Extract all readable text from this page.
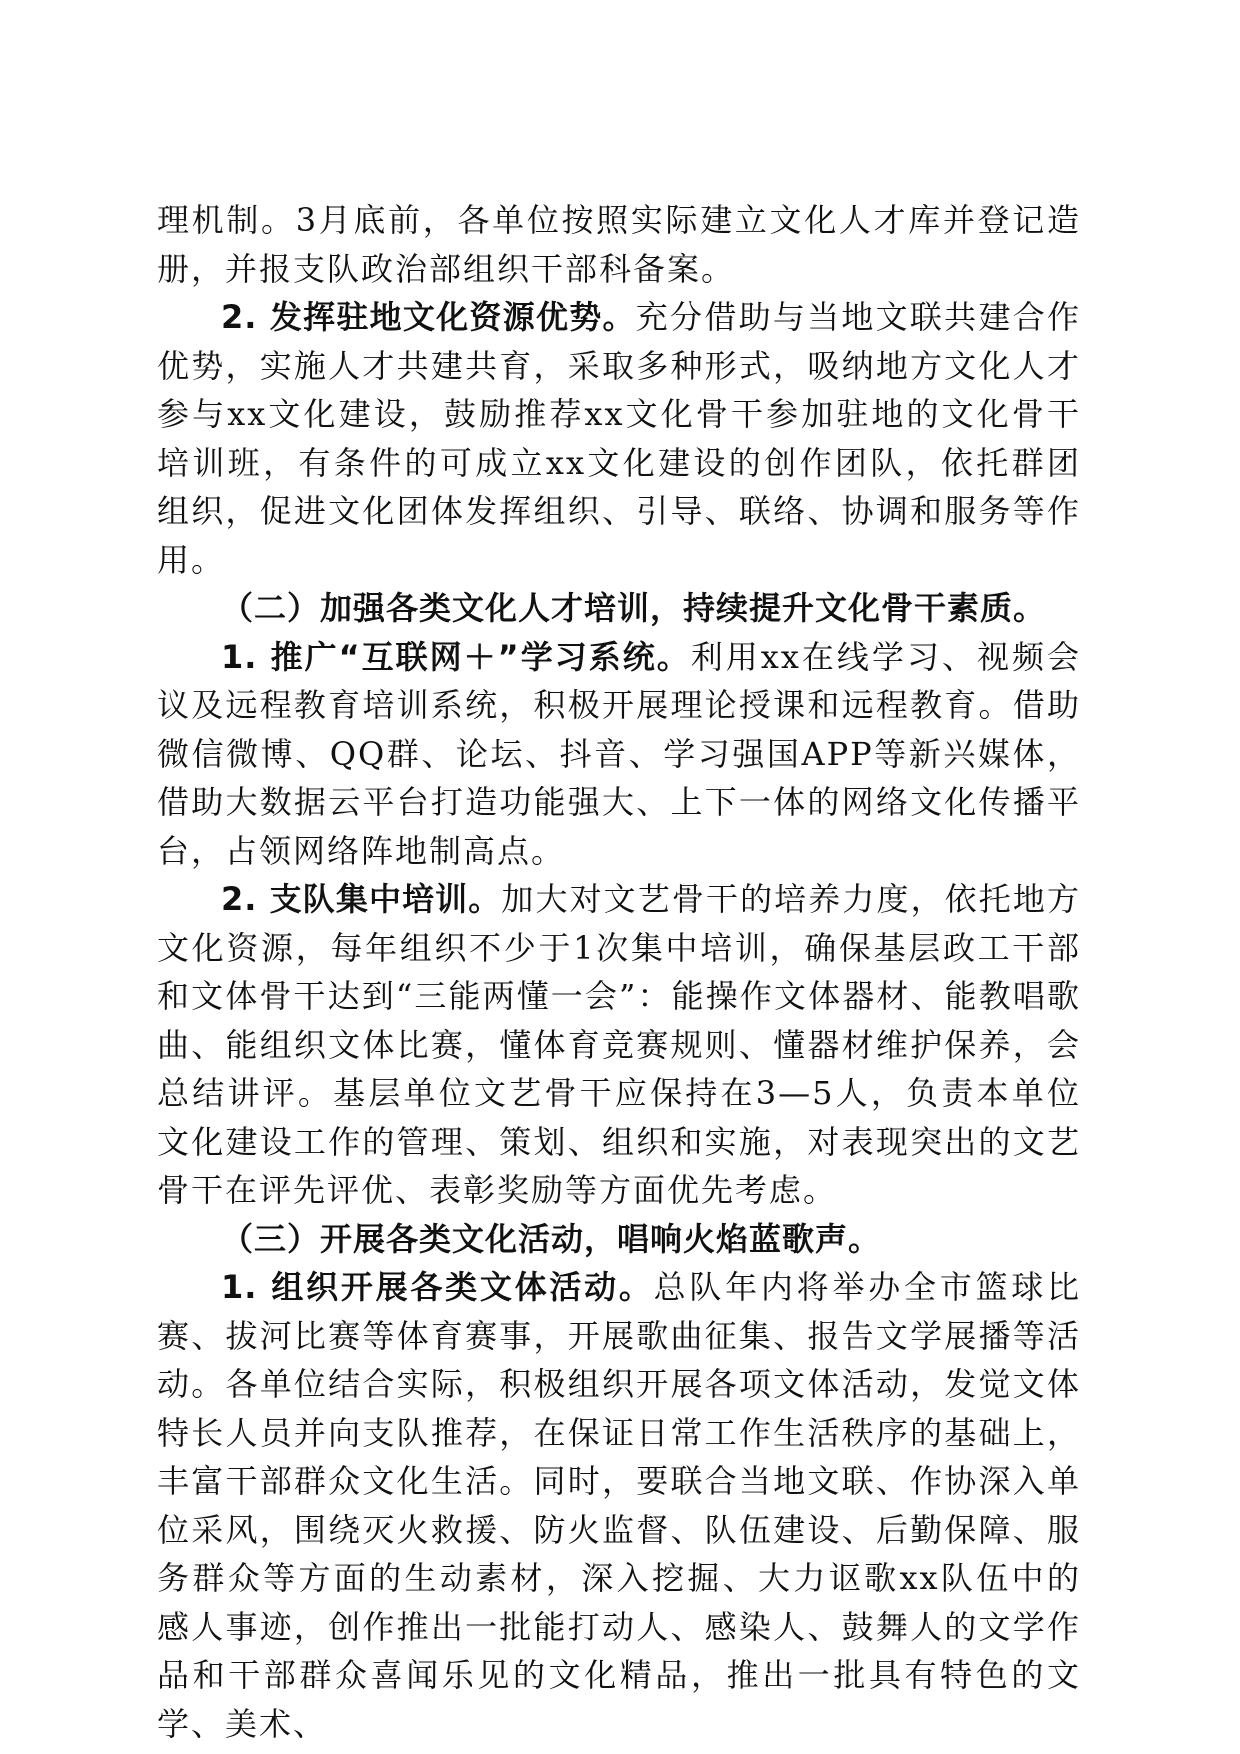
理机制。3月底前，各单位按照实际建立文化人才库并登记造册，并报支队政治部组织干部科备案。

2. 发挥驻地文化资源优势。充分借助与当地文联共建合作优势，实施人才共建共育，采取多种形式，吸纳地方文化人才参与xx文化建设，鼓励推荐xx文化骨干参加驻地的文化骨干培训班，有条件的可成立xx文化建设的创作团队，依托群团组织，促进文化团体发挥组织、引导、联络、协调和服务等作用。

（二）加强各类文化人才培训，持续提升文化骨干素质。

1. 推广“互联网＋”学习系统。利用xx在线学习、视频会议及远程教育培训系统，积极开展理论授课和远程教育。借助微信微博、QQ群、论坛、抖音、学习强国APP等新兴媒体，借助大数据云平台打造功能强大、上下一体的网络文化传播平台，占领网络阵地制高点。

2. 支队集中培训。加大对文艺骨干的培养力度，依托地方文化资源，每年组织不少于1次集中培训，确保基层政工干部和文体骨干达到“三能两懂一会”：能操作文体器材、能教唱歌曲、能组织文体比赛，懂体育竞赛规则、懂器材维护保养，会总结讲评。基层单位文艺骨干应保持在3—5人，负责本单位文化建设工作的管理、策划、组织和实施，对表现突出的文艺骨干在评先评优、表彰奖励等方面优先考虑。

（三）开展各类文化活动，唱响火焰蓝歌声。

1. 组织开展各类文体活动。总队年内将举办全市篮球比赛、拔河比赛等体育赛事，开展歌曲征集、报告文学展播等活动。各单位结合实际，积极组织开展各项文体活动，发觉文体特长人员并向支队推荐，在保证日常工作生活秩序的基础上，丰富干部群众文化生活。同时，要联合当地文联、作协深入单位采风，围绕灭火救援、防火监督、队伍建设、后勤保障、服务群众等方面的生动素材，深入挖掘、大力讴歌xx队伍中的感人事迹，创作推出一批能打动人、感染人、鼓舞人的文学作品和干部群众喜闻乐见的文化精品，推出一批具有特色的文学、美术、
